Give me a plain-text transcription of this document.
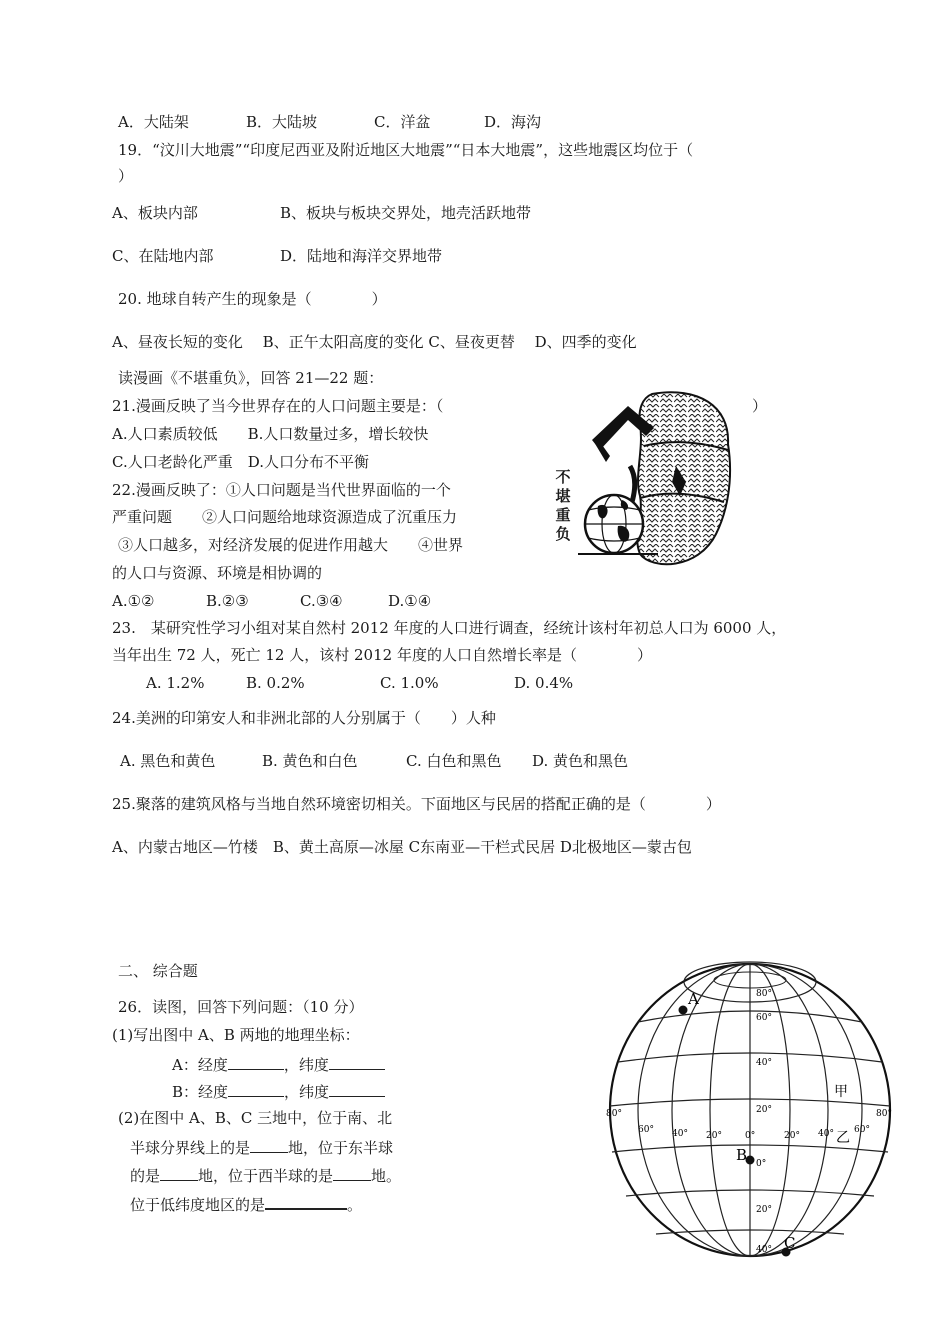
A．大陆架	B．大陆坡	C．洋盆	D．海沟
19．“汶川大地震”“印度尼西亚及附近地区大地震”“日本大地震”，这些地震区均位于（
）
A、板块内部	B、板块与板块交界处，地壳活跃地带
C、在陆地内部	D．陆地和海洋交界地带
20. 地球自转产生的现象是（　　　　）
A、昼夜长短的变化　 B、正午太阳高度的变化 C、昼夜更替　 D、四季的变化
读漫画《不堪重负》，回答 21—22 题：
21.漫画反映了当今世界存在的人口问题主要是：（	）
A.人口素质较低　　B.人口数量过多，增长较快
C.人口老龄化严重　D.人口分布不平衡
22.漫画反映了：①人口问题是当代世界面临的一个
严重问题　　②人口问题给地球资源造成了沉重压力
③人口越多，对经济发展的促进作用越大　　④世界
的人口与资源、环境是相协调的
A.①②	B.②③	C.③④	D.①④
不
堪
重
负
23.　某研究性学习小组对某自然村 2012 年度的人口进行调查，经统计该村年初总人口为 6000 人，
当年出生 72 人，死亡 12 人，该村 2012 年度的人口自然增长率是（　　　　）
A. 1.2%	B. 0.2%	C. 1.0%	D. 0.4%
24.美洲的印第安人和非洲北部的人分别属于（　　）人种
A. 黑色和黄色	B. 黄色和白色	C. 白色和黑色 D. 黄色和黑色
25.聚落的建筑风格与当地自然环境密切相关。下面地区与民居的搭配正确的是（　　　　）
A、内蒙古地区—竹楼　B、黄土高原—冰屋 C东南亚—干栏式民居 D北极地区—蒙古包
二、 综合题
26．读图，回答下列问题：（10 分）
(1)写出图中 A、B 两地的地理坐标：
A：经度	，纬度
B：经度	，纬度
(2)在图中 A、B、C 三地中，位于南、北
半球分界线上的是	地，位于东半球
的是	地，位于西半球的是	地。
位于低纬度地区的是	。
80°
60°
40°
20°
0°
20°
40°
80°
60° 40° 20°	0°	20° 40° 60°
80°
A
B
C
甲
乙
